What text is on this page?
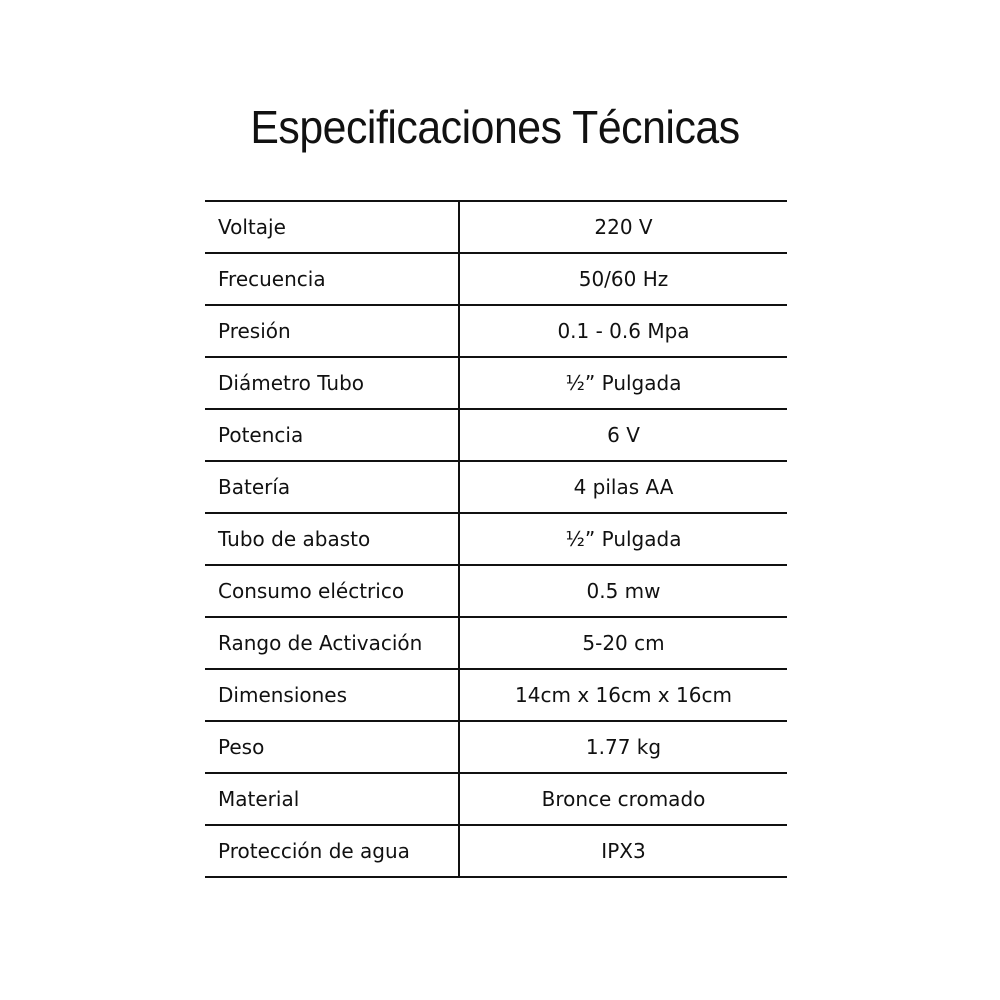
Especificaciones Técnicas
Voltaje	220 V
Frecuencia	50/60 Hz
Presión	0.1 - 0.6 Mpa
Diámetro Tubo	½” Pulgada
Potencia	6 V
Batería	4 pilas AA
Tubo de abasto	½” Pulgada
Consumo eléctrico	0.5 mw
Rango de Activación	5-20 cm
Dimensiones	14cm x 16cm x 16cm
Peso	1.77 kg
Material	Bronce cromado
Protección de agua	IPX3
